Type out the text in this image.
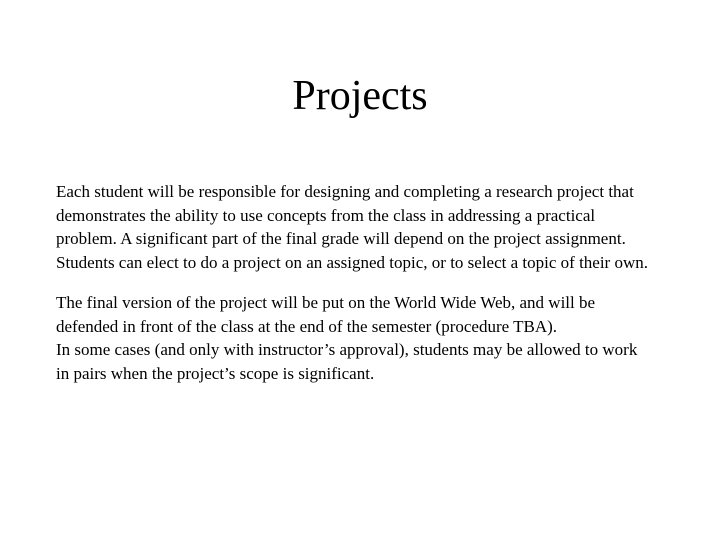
Projects
Each student will be responsible for designing and completing a research project that
demonstrates the ability to use concepts from the class in addressing a practical
problem. A significant part of the final grade will depend on the project assignment.
Students can elect to do a project on an assigned topic, or to select a topic of their own.
The final version of the project will be put on the World Wide Web, and will be
defended in front of the class at the end of the semester (procedure TBA).
In some cases (and only with instructor’s approval), students may be allowed to work
in pairs when the project’s scope is significant.
